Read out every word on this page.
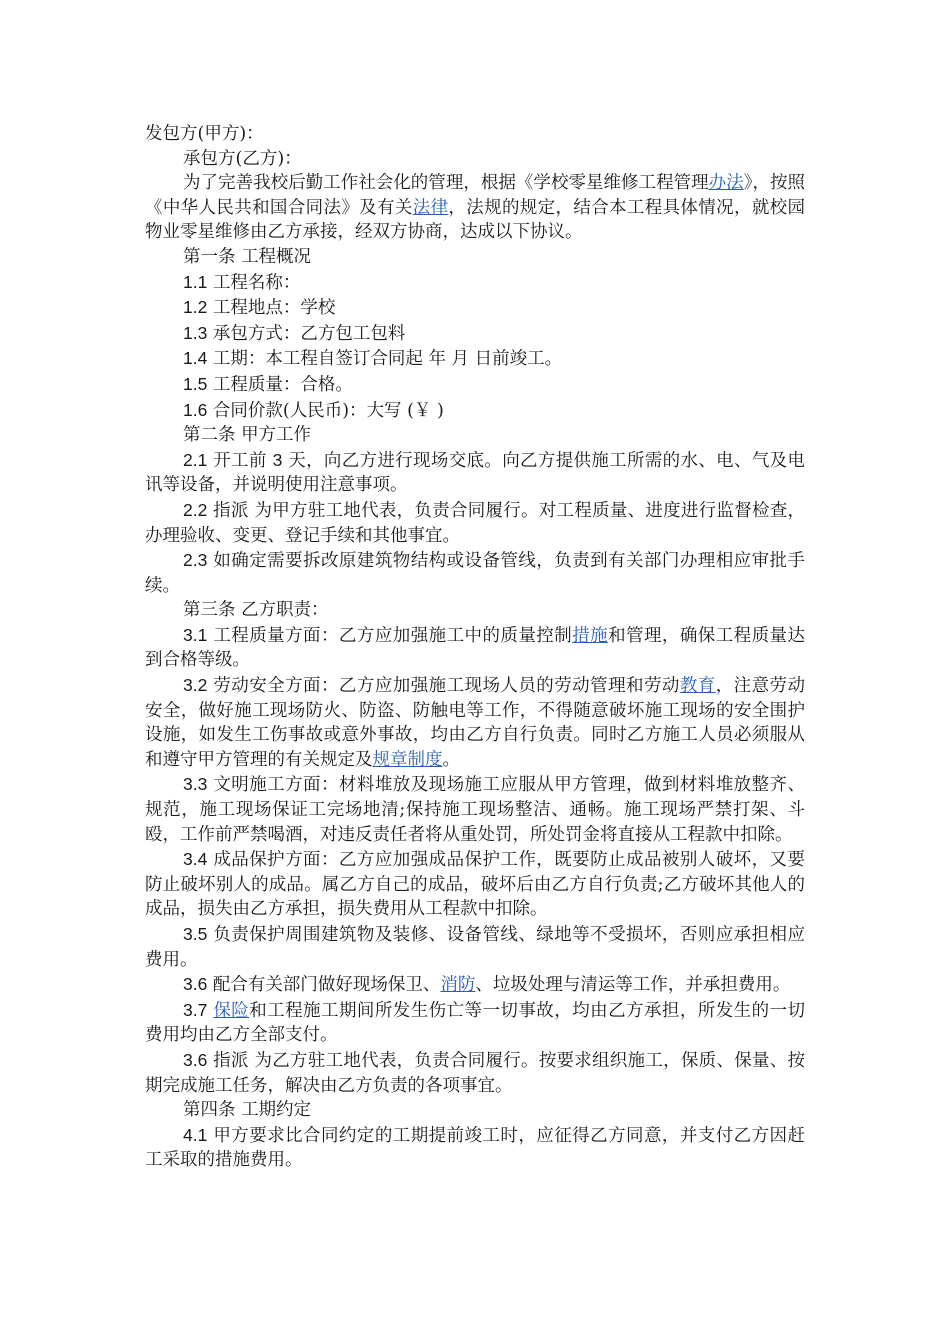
发包方(甲方)：

承包方(乙方)：

为了完善我校后勤工作社会化的管理，根据《学校零星维修工程管理办法》，按照《中华人民共和国合同法》及有关法律，法规的规定，结合本工程具体情况，就校园物业零星维修由乙方承接，经双方协商，达成以下协议。

第一条 工程概况

1.1 工程名称：

1.2 工程地点：学校

1.3 承包方式：乙方包工包料

1.4 工期：本工程自签订合同起 年 月 日前竣工。

1.5 工程质量：合格。

1.6 合同价款(人民币)：大写 (￥ )

第二条 甲方工作

2.1 开工前 3 天，向乙方进行现场交底。向乙方提供施工所需的水、电、气及电讯等设备，并说明使用注意事项。

2.2 指派 为甲方驻工地代表，负责合同履行。对工程质量、进度进行监督检查，办理验收、变更、登记手续和其他事宜。

2.3 如确定需要拆改原建筑物结构或设备管线，负责到有关部门办理相应审批手续。

第三条 乙方职责：

3.1 工程质量方面：乙方应加强施工中的质量控制措施和管理，确保工程质量达到合格等级。

3.2 劳动安全方面：乙方应加强施工现场人员的劳动管理和劳动教育，注意劳动安全，做好施工现场防火、防盗、防触电等工作，不得随意破坏施工现场的安全围护设施，如发生工伤事故或意外事故，均由乙方自行负责。同时乙方施工人员必须服从和遵守甲方管理的有关规定及规章制度。

3.3 文明施工方面：材料堆放及现场施工应服从甲方管理，做到材料堆放整齐、规范，施工现场保证工完场地清;保持施工现场整洁、通畅。施工现场严禁打架、斗殴，工作前严禁喝酒，对违反责任者将从重处罚，所处罚金将直接从工程款中扣除。

3.4 成品保护方面：乙方应加强成品保护工作，既要防止成品被别人破坏，又要防止破坏别人的成品。属乙方自己的成品，破坏后由乙方自行负责;乙方破坏其他人的成品，损失由乙方承担，损失费用从工程款中扣除。

3.5 负责保护周围建筑物及装修、设备管线、绿地等不受损坏，否则应承担相应费用。

3.6 配合有关部门做好现场保卫、消防、垃圾处理与清运等工作，并承担费用。

3.7 保险和工程施工期间所发生伤亡等一切事故，均由乙方承担，所发生的一切费用均由乙方全部支付。

3.6 指派 为乙方驻工地代表，负责合同履行。按要求组织施工，保质、保量、按期完成施工任务，解决由乙方负责的各项事宜。

第四条 工期约定

4.1 甲方要求比合同约定的工期提前竣工时，应征得乙方同意，并支付乙方因赶工采取的措施费用。
